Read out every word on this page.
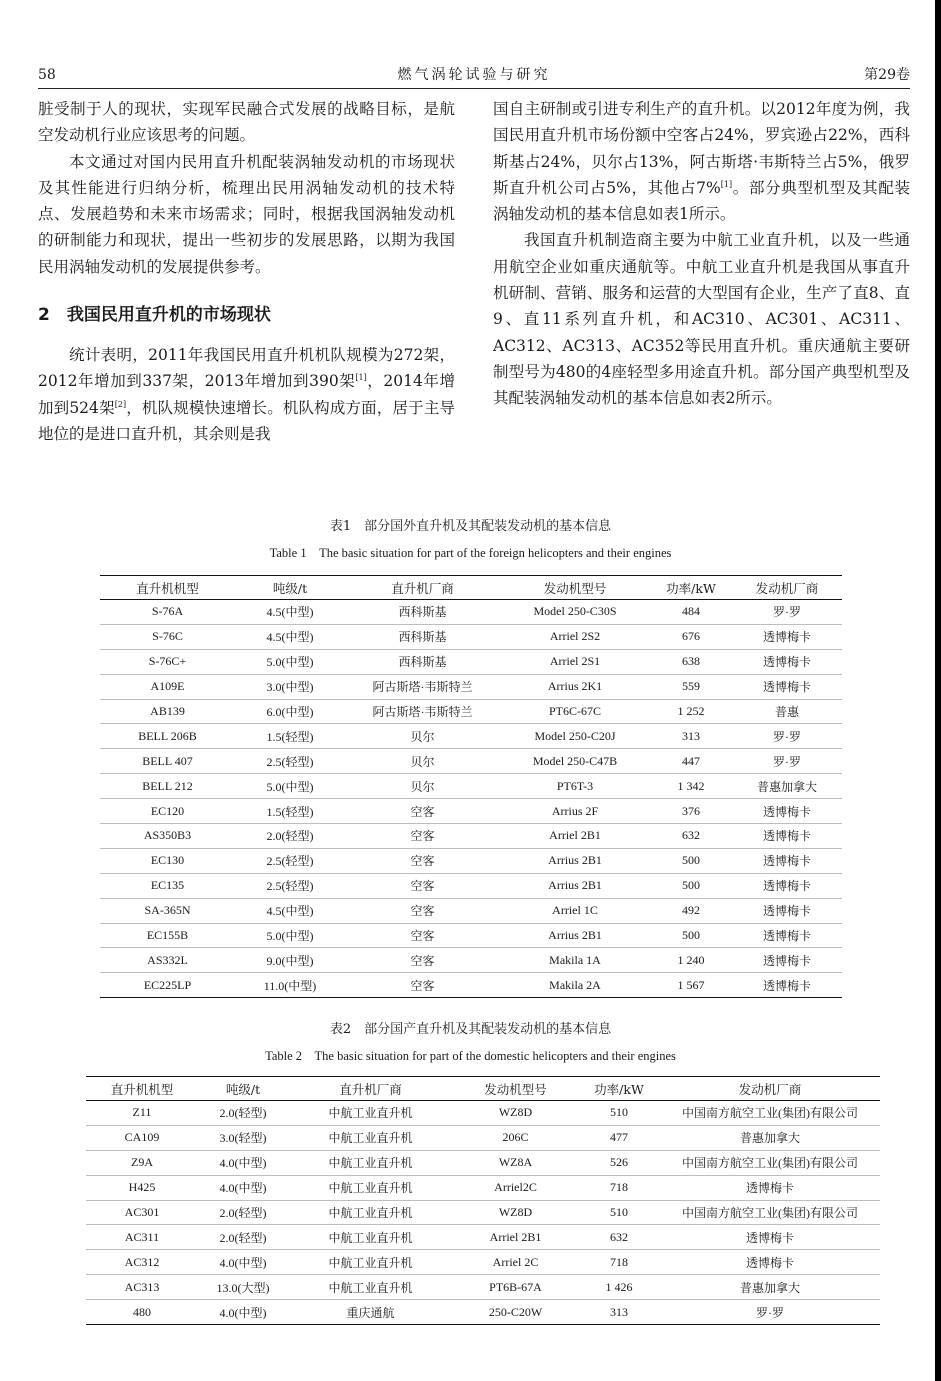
燃气涡轮试验与研究
58	第29卷

脏受制于人的现状，实现军民融合式发展的战略目标，是航空发动机行业应该思考的问题。

本文通过对国内民用直升机配装涡轴发动机的市场现状及其性能进行归纳分析，梳理出民用涡轴发动机的技术特点、发展趋势和未来市场需求；同时，根据我国涡轴发动机的研制能力和现状，提出一些初步的发展思路，以期为我国民用涡轴发动机的发展提供参考。

2　我国民用直升机的市场现状

统计表明，2011年我国民用直升机机队规模为272架，2012年增加到337架，2013年增加到390架[1]，2014年增加到524架[2]，机队规模快速增长。机队构成方面，居于主导地位的是进口直升机，其余则是我

国自主研制或引进专利生产的直升机。以2012年度为例，我国民用直升机市场份额中空客占24%，罗宾逊占22%，西科斯基占24%，贝尔占13%，阿古斯塔·韦斯特兰占5%，俄罗斯直升机公司占5%，其他占7%[1]。部分典型机型及其配装涡轴发动机的基本信息如表1所示。

我国直升机制造商主要为中航工业直升机，以及一些通用航空企业如重庆通航等。中航工业直升机是我国从事直升机研制、营销、服务和运营的大型国有企业，生产了直8、直9、直11系列直升机，和AC310、AC301、AC311、AC312、AC313、AC352等民用直升机。重庆通航主要研制型号为480的4座轻型多用途直升机。部分国产典型机型及其配装涡轴发动机的基本信息如表2所示。

表1　部分国外直升机及其配装发动机的基本信息
Table 1　The basic situation for part of the foreign helicopters and their engines
直升机机型	吨级/t	直升机厂商	发动机型号	功率/kW	发动机厂商
S-76A	4.5(中型)	西科斯基	Model 250-C30S	484	罗·罗
S-76C	4.5(中型)	西科斯基	Arriel 2S2	676	透博梅卡
S-76C+	5.0(中型)	西科斯基	Arriel 2S1	638	透博梅卡
A109E	3.0(中型)	阿古斯塔·韦斯特兰	Arrius 2K1	559	透博梅卡
AB139	6.0(中型)	阿古斯塔·韦斯特兰	PT6C-67C	1 252	普惠
BELL 206B	1.5(轻型)	贝尔	Model 250-C20J	313	罗·罗
BELL 407	2.5(轻型)	贝尔	Model 250-C47B	447	罗·罗
BELL 212	5.0(中型)	贝尔	PT6T-3	1 342	普惠加拿大
EC120	1.5(轻型)	空客	Arrius 2F	376	透博梅卡
AS350B3	2.0(轻型)	空客	Arriel 2B1	632	透博梅卡
EC130	2.5(轻型)	空客	Arrius 2B1	500	透博梅卡
EC135	2.5(轻型)	空客	Arrius 2B1	500	透博梅卡
SA-365N	4.5(中型)	空客	Arriel 1C	492	透博梅卡
EC155B	5.0(中型)	空客	Arrius 2B1	500	透博梅卡
AS332L	9.0(中型)	空客	Makila 1A	1 240	透博梅卡
EC225LP	11.0(中型)	空客	Makila 2A	1 567	透博梅卡
表2　部分国产直升机及其配装发动机的基本信息
Table 2　The basic situation for part of the domestic helicopters and their engines
直升机机型	吨级/t	直升机厂商	发动机型号	功率/kW	发动机厂商
Z11	2.0(轻型)	中航工业直升机	WZ8D	510	中国南方航空工业(集团)有限公司
CA109	3.0(轻型)	中航工业直升机	206C	477	普惠加拿大
Z9A	4.0(中型)	中航工业直升机	WZ8A	526	中国南方航空工业(集团)有限公司
H425	4.0(中型)	中航工业直升机	Arriel2C	718	透博梅卡
AC301	2.0(轻型)	中航工业直升机	WZ8D	510	中国南方航空工业(集团)有限公司
AC311	2.0(轻型)	中航工业直升机	Arriel 2B1	632	透博梅卡
AC312	4.0(中型)	中航工业直升机	Arriel 2C	718	透博梅卡
AC313	13.0(大型)	中航工业直升机	PT6B-67A	1 426	普惠加拿大
480	4.0(中型)	重庆通航	250-C20W	313	罗·罗
